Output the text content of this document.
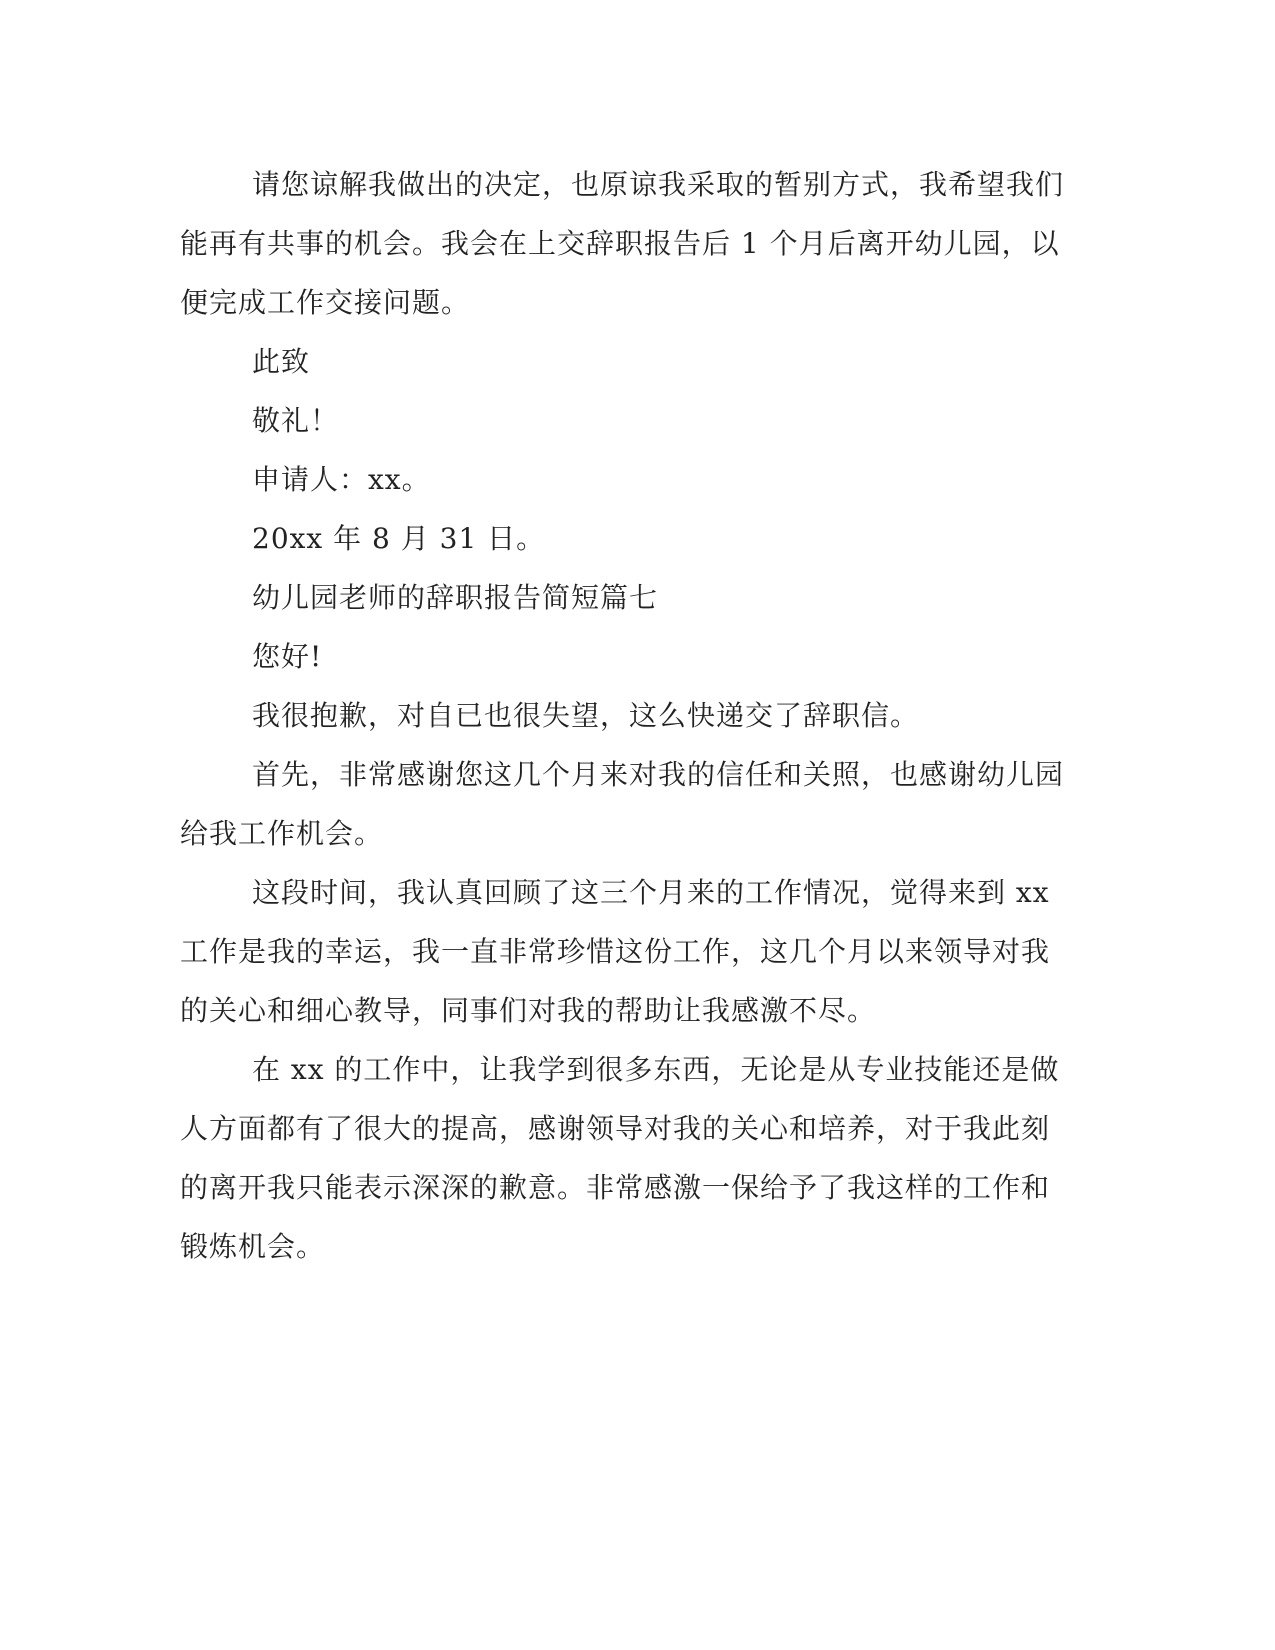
请您谅解我做出的决定，也原谅我采取的暂别方式，我希望我们
能再有共事的机会。我会在上交辞职报告后 1 个月后离开幼儿园，以
便完成工作交接问题。

此致

敬礼！

申请人：xx。

20xx 年 8 月 31 日。

幼儿园老师的辞职报告简短篇七

您好!

我很抱歉，对自已也很失望，这么快递交了辞职信。

首先，非常感谢您这几个月来对我的信任和关照，也感谢幼儿园
给我工作机会。

这段时间，我认真回顾了这三个月来的工作情况，觉得来到 xx
工作是我的幸运，我一直非常珍惜这份工作，这几个月以来领导对我
的关心和细心教导，同事们对我的帮助让我感激不尽。

在 xx 的工作中，让我学到很多东西，无论是从专业技能还是做
人方面都有了很大的提高，感谢领导对我的关心和培养，对于我此刻
的离开我只能表示深深的歉意。非常感激一保给予了我这样的工作和
锻炼机会。
